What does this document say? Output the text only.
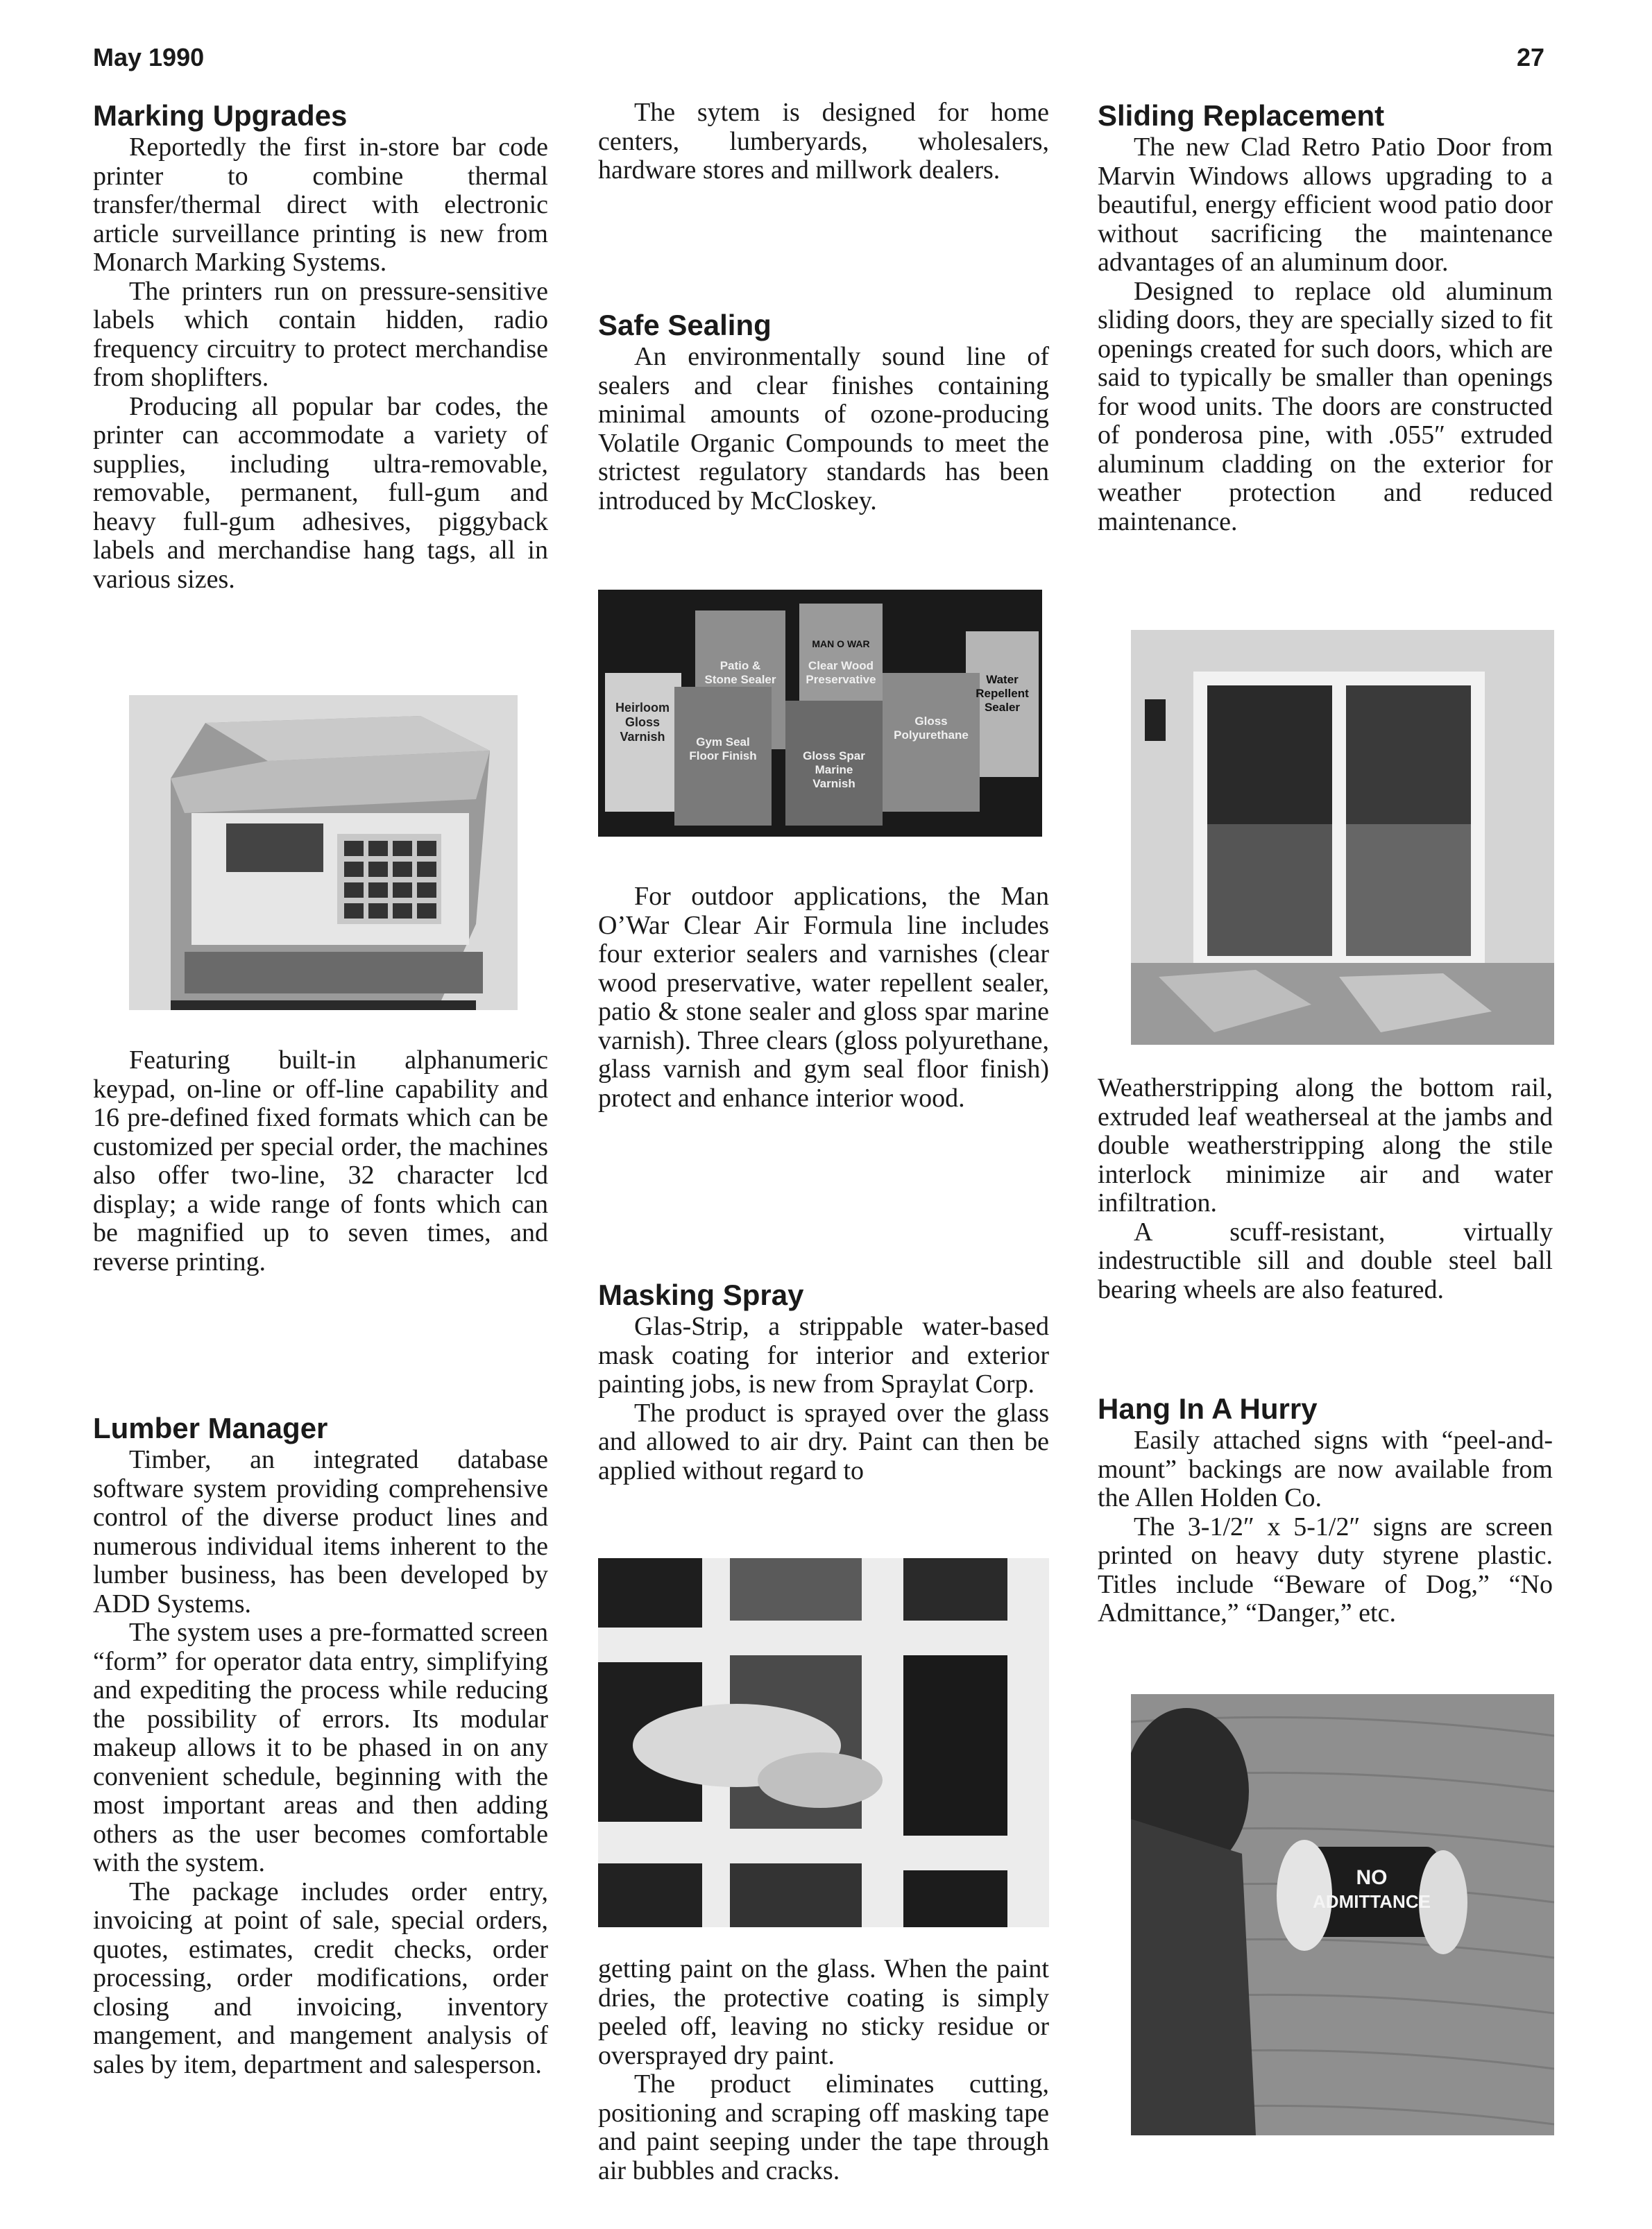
May 1990	27
Marking Upgrades

Reportedly the first in-store bar code printer to combine thermal transfer/thermal direct with electronic article surveillance printing is new from Monarch Marking Systems.

The printers run on pressure-sensitive labels which contain hidden, radio frequency circuitry to protect merchandise from shoplifters.

Producing all popular bar codes, the printer can accommodate a variety of supplies, including ultra-removable, removable, permanent, full-gum and heavy full-gum adhesives, piggyback labels and merchandise hang tags, all in various sizes.

Featuring built-in alphanumeric keypad, on-line or off-line capability and 16 pre-defined fixed formats which can be customized per special order, the machines also offer two-line, 32 character lcd display; a wide range of fonts which can be magnified up to seven times, and reverse printing.

Lumber Manager

Timber, an integrated database software system providing comprehensive control of the diverse product lines and numerous individual items inherent to the lumber business, has been developed by ADD Systems.

The system uses a pre-formatted screen “form” for operator data entry, simplifying and expediting the process while reducing the possibility of errors. Its modular makeup allows it to be phased in on any convenient schedule, beginning with the most important areas and then adding others as the user becomes comfortable with the system.

The package includes order entry, invoicing at point of sale, special orders, quotes, estimates, credit checks, order processing, order modifications, order closing and invoicing, inventory mangement, and mangement analysis of sales by item, department and salesperson.

The sytem is designed for home centers, lumberyards, wholesalers, hardware stores and millwork dealers.

Safe Sealing

An environmentally sound line of sealers and clear finishes containing minimal amounts of ozone-producing Volatile Organic Compounds to meet the strictest regulatory standards has been introduced by McCloskey.

Heirloom Gloss Varnish	Gym Seal Floor Finish
Patio & Stone Sealer
Gloss Spar Marine Varnish
Clear Wood Preservative
Gloss Polyurethane
Water Repellent Sealer
MAN O WAR

For outdoor applications, the Man O’War Clear Air Formula line includes four exterior sealers and varnishes (clear wood preservative, water repellent sealer, patio & stone sealer and gloss spar marine varnish). Three clears (gloss polyurethane, glass varnish and gym seal floor finish) protect and enhance interior wood.

Masking Spray

Glas-Strip, a strippable water-based mask coating for interior and exterior painting jobs, is new from Spraylat Corp.

The product is sprayed over the glass and allowed to air dry. Paint can then be applied without regard to

getting paint on the glass. When the paint dries, the protective coating is simply peeled off, leaving no sticky residue or oversprayed dry paint.

The product eliminates cutting, positioning and scraping off masking tape and paint seeping under the tape through air bubbles and cracks.

Sliding Replacement

The new Clad Retro Patio Door from Marvin Windows allows upgrading to a beautiful, energy efficient wood patio door without sacrificing the maintenance advantages of an aluminum door.

Designed to replace old aluminum sliding doors, they are specially sized to fit openings created for such doors, which are said to typically be smaller than openings for wood units. The doors are constructed of ponderosa pine, with .055″ extruded aluminum cladding on the exterior for weather protection and reduced maintenance.

Weatherstripping along the bottom rail, extruded leaf weatherseal at the jambs and double weatherstripping along the stile interlock minimize air and water infiltration.

A scuff-resistant, virtually indestructible sill and double steel ball bearing wheels are also featured.

Hang In A Hurry

Easily attached signs with “peel-and-mount” backings are now available from the Allen Holden Co.

The 3-1/2″ x 5-1/2″ signs are screen printed on heavy duty styrene plastic. Titles include “Beware of Dog,” “No Admittance,” “Danger,” etc.

NO
ADMITTANCE
